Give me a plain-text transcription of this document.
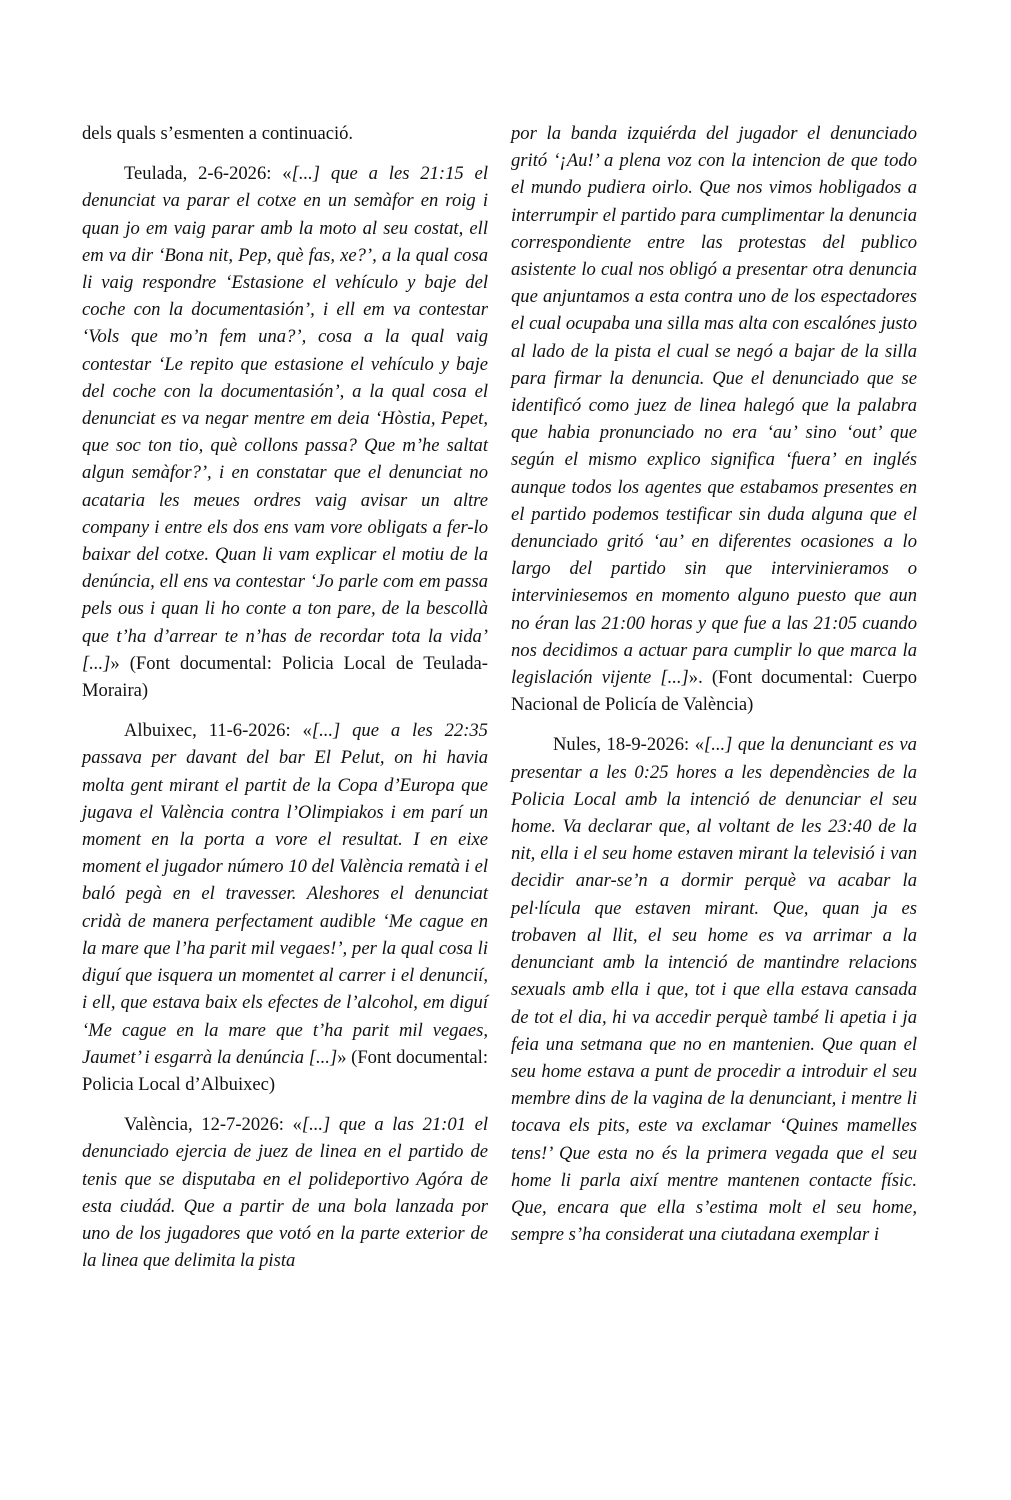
dels quals s’esmenten a continuació.

Teulada, 2-6-2026: «[...] que a les 21:15 el denunciat va parar el cotxe en un semàfor en roig i quan jo em vaig parar amb la moto al seu costat, ell em va dir ‘Bona nit, Pep, què fas, xe?’, a la qual cosa li vaig respondre ‘Estasione el vehículo y baje del coche con la documentasión’, i ell em va contestar ‘Vols que mo’n fem una?’, cosa a la qual vaig contestar ‘Le repito que estasione el vehículo y baje del coche con la documentasión’, a la qual cosa el denunciat es va negar mentre em deia ‘Hòstia, Pepet, que soc ton tio, què collons passa? Que m’he saltat algun semàfor?’, i en constatar que el denunciat no acataria les meues ordres vaig avisar un altre company i entre els dos ens vam vore obligats a fer-lo baixar del cotxe. Quan li vam explicar el motiu de la denúncia, ell ens va contestar ‘Jo parle com em passa pels ous i quan li ho conte a ton pare, de la bescollà que t’ha d’arrear te n’has de recordar tota la vida’ [...]» (Font documental: Policia Local de Teulada-Moraira)

Albuixec, 11-6-2026: «[...] que a les 22:35 passava per davant del bar El Pelut, on hi havia molta gent mirant el partit de la Copa d’Europa que jugava el València contra l’Olimpiakos i em parí un moment en la porta a vore el resultat. I en eixe moment el jugador número 10 del València rematà i el baló pegà en el travesser. Aleshores el denunciat cridà de manera perfectament audible ‘Me cague en la mare que l’ha parit mil vegaes!’, per la qual cosa li diguí que isquera un momentet al carrer i el denuncií, i ell, que estava baix els efectes de l’alcohol, em diguí ‘Me cague en la mare que t’ha parit mil vegaes, Jaumet’ i esgarrà la denúncia [...]» (Font documental: Policia Local d’Albuixec)

València, 12-7-2026: «[...] que a las 21:01 el denunciado ejercia de juez de linea en el partido de tenis que se disputaba en el polideportivo Agóra de esta ciudád. Que a partir de una bola lanzada por uno de los jugadores que votó en la parte exterior de la linea que delimita la pista

por la banda izquiérda del jugador el denunciado gritó ‘¡Au!’ a plena voz con la intencion de que todo el mundo pudiera oirlo. Que nos vimos hobligados a interrumpir el partido para cumplimentar la denuncia correspondiente entre las protestas del publico asistente lo cual nos obligó a presentar otra denuncia que anjuntamos a esta contra uno de los espectadores el cual ocupaba una silla mas alta con escalónes justo al lado de la pista el cual se negó a bajar de la silla para firmar la denuncia. Que el denunciado que se identificó como juez de linea halegó que la palabra que habia pronunciado no era ‘au’ sino ‘out’ que según el mismo explico significa ‘fuera’ en inglés aunque todos los agentes que estabamos presentes en el partido podemos testificar sin duda alguna que el denunciado gritó ‘au’ en diferentes ocasiones a lo largo del partido sin que intervinieramos o interviniesemos en momento alguno puesto que aun no éran las 21:00 horas y que fue a las 21:05 cuando nos decidimos a actuar para cumplir lo que marca la legislación vijente [...]». (Font documental: Cuerpo Nacional de Policía de València)

Nules, 18-9-2026: «[...] que la denunciant es va presentar a les 0:25 hores a les dependències de la Policia Local amb la intenció de denunciar el seu home. Va declarar que, al voltant de les 23:40 de la nit, ella i el seu home estaven mirant la televisió i van decidir anar-se’n a dormir perquè va acabar la pel·lícula que estaven mirant. Que, quan ja es trobaven al llit, el seu home es va arrimar a la denunciant amb la intenció de mantindre relacions sexuals amb ella i que, tot i que ella estava cansada de tot el dia, hi va accedir perquè també li apetia i ja feia una setmana que no en mantenien. Que quan el seu home estava a punt de procedir a introduir el seu membre dins de la vagina de la denunciant, i mentre li tocava els pits, este va exclamar ‘Quines mamelles tens!’ Que esta no és la primera vegada que el seu home li parla així mentre mantenen contacte físic. Que, encara que ella s’estima molt el seu home, sempre s’ha considerat una ciutadana exemplar i
